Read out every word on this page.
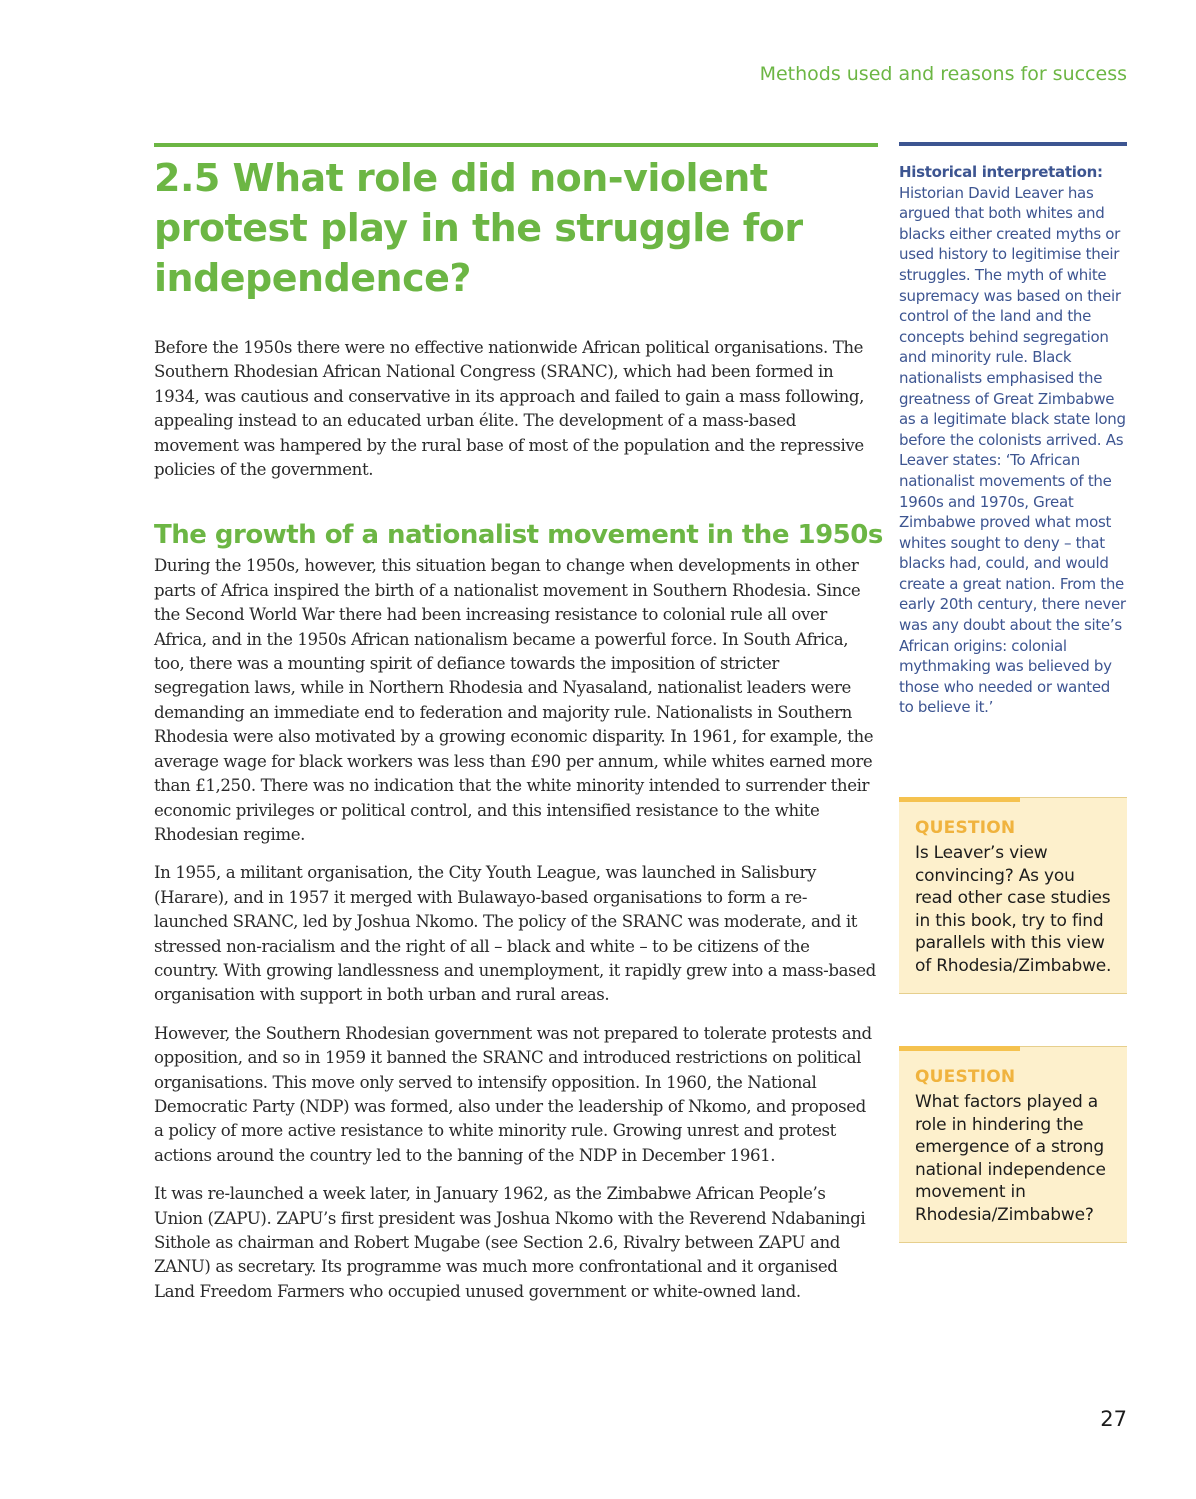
Methods used and reasons for success
2.5 What role did non-violent protest play in the struggle for independence?

Before the 1950s there were no effective nationwide African political organisations. The Southern Rhodesian African National Congress (SRANC), which had been formed in 1934, was cautious and conservative in its approach and failed to gain a mass following, appealing instead to an educated urban élite. The development of a mass-based movement was hampered by the rural base of most of the population and the repressive policies of the government.

The growth of a nationalist movement in the 1950s

During the 1950s, however, this situation began to change when developments in other parts of Africa inspired the birth of a nationalist movement in Southern Rhodesia. Since the Second World War there had been increasing resistance to colonial rule all over Africa, and in the 1950s African nationalism became a powerful force. In South Africa, too, there was a mounting spirit of defiance towards the imposition of stricter segregation laws, while in Northern Rhodesia and Nyasaland, nationalist leaders were demanding an immediate end to federation and majority rule. Nationalists in Southern Rhodesia were also motivated by a growing economic disparity. In 1961, for example, the average wage for black workers was less than £90 per annum, while whites earned more than £1,250. There was no indication that the white minority intended to surrender their economic privileges or political control, and this intensified resistance to the white Rhodesian regime.

In 1955, a militant organisation, the City Youth League, was launched in Salisbury (Harare), and in 1957 it merged with Bulawayo-based organisations to form a re-launched SRANC, led by Joshua Nkomo. The policy of the SRANC was moderate, and it stressed non-racialism and the right of all – black and white – to be citizens of the country. With growing landlessness and unemployment, it rapidly grew into a mass-based organisation with support in both urban and rural areas.

However, the Southern Rhodesian government was not prepared to tolerate protests and opposition, and so in 1959 it banned the SRANC and introduced restrictions on political organisations. This move only served to intensify opposition. In 1960, the National Democratic Party (NDP) was formed, also under the leadership of Nkomo, and proposed a policy of more active resistance to white minority rule. Growing unrest and protest actions around the country led to the banning of the NDP in December 1961.

It was re-launched a week later, in January 1962, as the Zimbabwe African People’s Union (ZAPU). ZAPU’s first president was Joshua Nkomo with the Reverend Ndabaningi Sithole as chairman and Robert Mugabe (see Section 2.6, Rivalry between ZAPU and ZANU) as secretary. Its programme was much more confrontational and it organised Land Freedom Farmers who occupied unused government or white-owned land.

Historical interpretation:
Historian David Leaver has argued that both whites and blacks either created myths or used history to legitimise their struggles. The myth of white supremacy was based on their control of the land and the concepts behind segregation and minority rule. Black nationalists emphasised the greatness of Great Zimbabwe as a legitimate black state long before the colonists arrived. As Leaver states: ‘To African nationalist movements of the 1960s and 1970s, Great Zimbabwe proved what most whites sought to deny – that blacks had, could, and would create a great nation. From the early 20th century, there never was any doubt about the site’s African origins: colonial mythmaking was believed by those who needed or wanted to believe it.’

QUESTION

Is Leaver’s view convincing? As you read other case studies in this book, try to find parallels with this view of Rhodesia/Zimbabwe.

QUESTION

What factors played a role in hindering the emergence of a strong national independence movement in Rhodesia/Zimbabwe?

27
